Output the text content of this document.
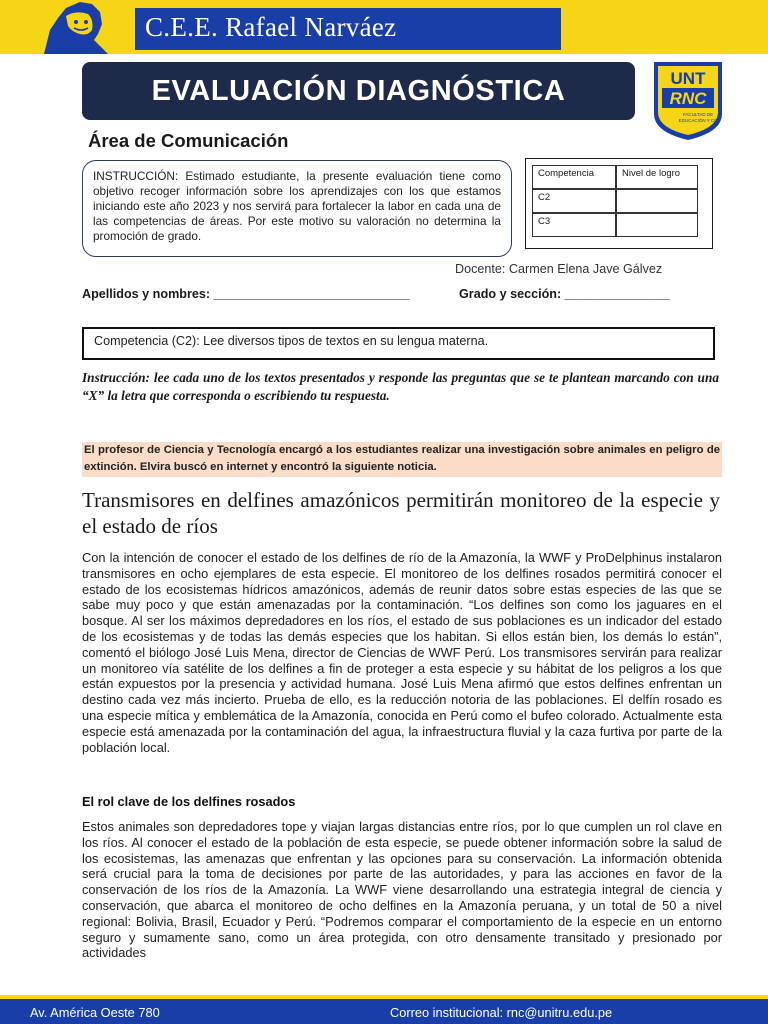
C.E.E. Rafael Narváez
EVALUACIÓN DIAGNÓSTICA	UNT
RNC
FACULTAD DE
EDUCACIÓN Y CC
Área de Comunicación

INSTRUCCIÓN: Estimado estudiante, la presente evaluación tiene como objetivo recoger información sobre los aprendizajes con los que estamos iniciando este año 2023 y nos servirá para fortalecer la labor en cada una de las competencias de áreas. Por este motivo su valoración no determina la promoción de grado.

Competencia	Nivel de logro
C2
C3
Docente: Carmen Elena Jave Gálvez
Apellidos y nombres: ____________________________	Grado y sección: _______________
Competencia (C2): Lee diversos tipos de textos en su lengua materna.
Instrucción: lee cada uno de los textos presentados y responde las preguntas que se te plantean marcando con una “X” la letra que corresponda o escribiendo tu respuesta.
El profesor de Ciencia y Tecnología encargó a los estudiantes realizar una investigación sobre animales en peligro de extinción. Elvira buscó en internet y encontró la siguiente noticia.
Transmisores en delfines amazónicos permitirán monitoreo de la especie y el estado de ríos

Con la intención de conocer el estado de los delfines de río de la Amazonía, la WWF y ProDelphinus instalaron transmisores en ocho ejemplares de esta especie. El monitoreo de los delfines rosados permitirá conocer el estado de los ecosistemas hídricos amazónicos, además de reunir datos sobre estas especies de las que se sabe muy poco y que están amenazadas por la contaminación. “Los delfines son como los jaguares en el bosque. Al ser los máximos depredadores en los ríos, el estado de sus poblaciones es un indicador del estado de los ecosistemas y de todas las demás especies que los habitan. Si ellos están bien, los demás lo están”, comentó el biólogo José Luis Mena, director de Ciencias de WWF Perú. Los transmisores servirán para realizar un monitoreo vía satélite de los delfines a fin de proteger a esta especie y su hábitat de los peligros a los que están expuestos por la presencia y actividad humana. José Luis Mena afirmó que estos delfines enfrentan un destino cada vez más incierto. Prueba de ello, es la reducción notoria de las poblaciones. El delfín rosado es una especie mítica y emblemática de la Amazonía, conocida en Perú como el bufeo colorado. Actualmente esta especie está amenazada por la contaminación del agua, la infraestructura fluvial y la caza furtiva por parte de la población local.

El rol clave de los delfines rosados

Estos animales son depredadores tope y viajan largas distancias entre ríos, por lo que cumplen un rol clave en los ríos. Al conocer el estado de la población de esta especie, se puede obtener información sobre la salud de los ecosistemas, las amenazas que enfrentan y las opciones para su conservación. La información obtenida será crucial para la toma de decisiones por parte de las autoridades, y para las acciones en favor de la conservación de los ríos de la Amazonía. La WWF viene desarrollando una estrategia integral de ciencia y conservación, que abarca el monitoreo de ocho delfines en la Amazonía peruana, y un total de 50 a nivel regional: Bolivia, Brasil, Ecuador y Perú. “Podremos comparar el comportamiento de la especie en un entorno seguro y sumamente sano, como un área protegida, con otro densamente transitado y presionado por actividades

Av. América Oeste 780	Correo institucional: rnc@unitru.edu.pe
